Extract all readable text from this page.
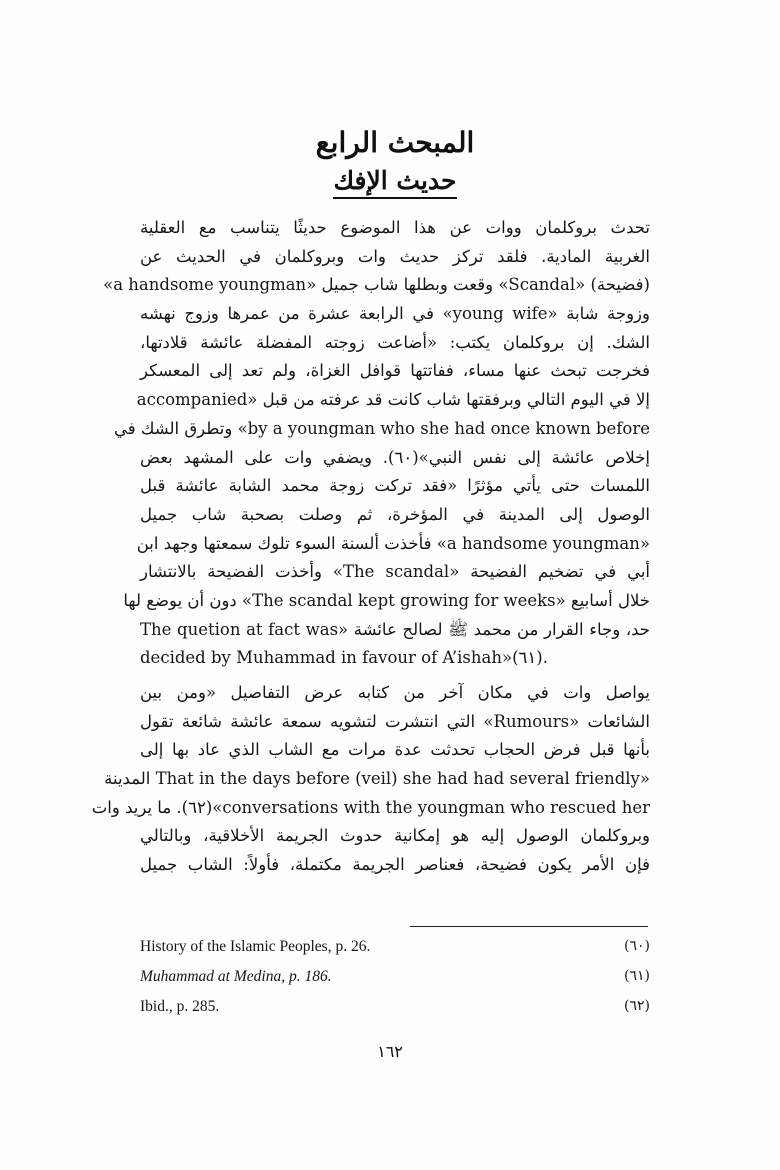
المبحث الرابع
حديث الإفك
تحدث بروكلمان ووات عن هذا الموضوع حديثًا يتناسب مع العقلية
الغربية المادية. فلقد تركز حديث وات وبروكلمان في الحديث عن
(فضيحة) «Scandal» وقعت وبطلها شاب جميل «a handsome youngman»
وزوجة شابة «young wife» في الرابعة عشرة من عمرها وزوج نهشه
الشك. إن بروكلمان يكتب: «أضاعت زوجته المفضلة عائشة قلادتها،
فخرجت تبحث عنها مساء، ففاتتها قوافل الغزاة، ولم تعد إلى المعسكر
إلا في اليوم التالي وبرفقتها شاب كانت قد عرفته من قبل «accompanied
by a youngman who she had once known before» وتطرق الشك في
إخلاص عائشة إلى نفس النبي»(٦٠). ويضفي وات على المشهد بعض
اللمسات حتى يأتي مؤثرًا «فقد تركت زوجة محمد الشابة عائشة قبل
الوصول إلى المدينة في المؤخرة، ثم وصلت بصحبة شاب جميل
«a handsome youngman» فأخذت ألسنة السوء تلوك سمعتها وجهد ابن
أبي في تضخيم الفضيحة «The scandal» وأخذت الفضيحة بالانتشار
خلال أسابيع «The scandal kept growing for weeks» دون أن يوضع لها
حد، وجاء القرار من محمد ﷺ لصالح عائشة «The quetion at fact was
decided by Muhammad in favour of A’ishah»(٦١).
يواصل وات في مكان آخر من كتابه عرض التفاصيل «ومن بين
الشائعات «Rumours» التي انتشرت لتشويه سمعة عائشة شائعة تقول
بأنها قبل فرض الحجاب تحدثت عدة مرات مع الشاب الذي عاد بها إلى
«That in the days before (veil) she had had several friendly المدينة
conversations with the youngman who rescued her»(٦٢). ما يريد وات
وبروكلمان الوصول إليه هو إمكانية حدوث الجريمة الأخلاقية، وبالتالي
فإن الأمر يكون فضيحة، فعناصر الجريمة مكتملة، فأولاً: الشاب جميل
History of the Islamic Peoples, p. 26.	(٦٠)
Muhammad at Medina, p. 186.	(٦١)
Ibid., p. 285.	(٦٢)
١٦٢
